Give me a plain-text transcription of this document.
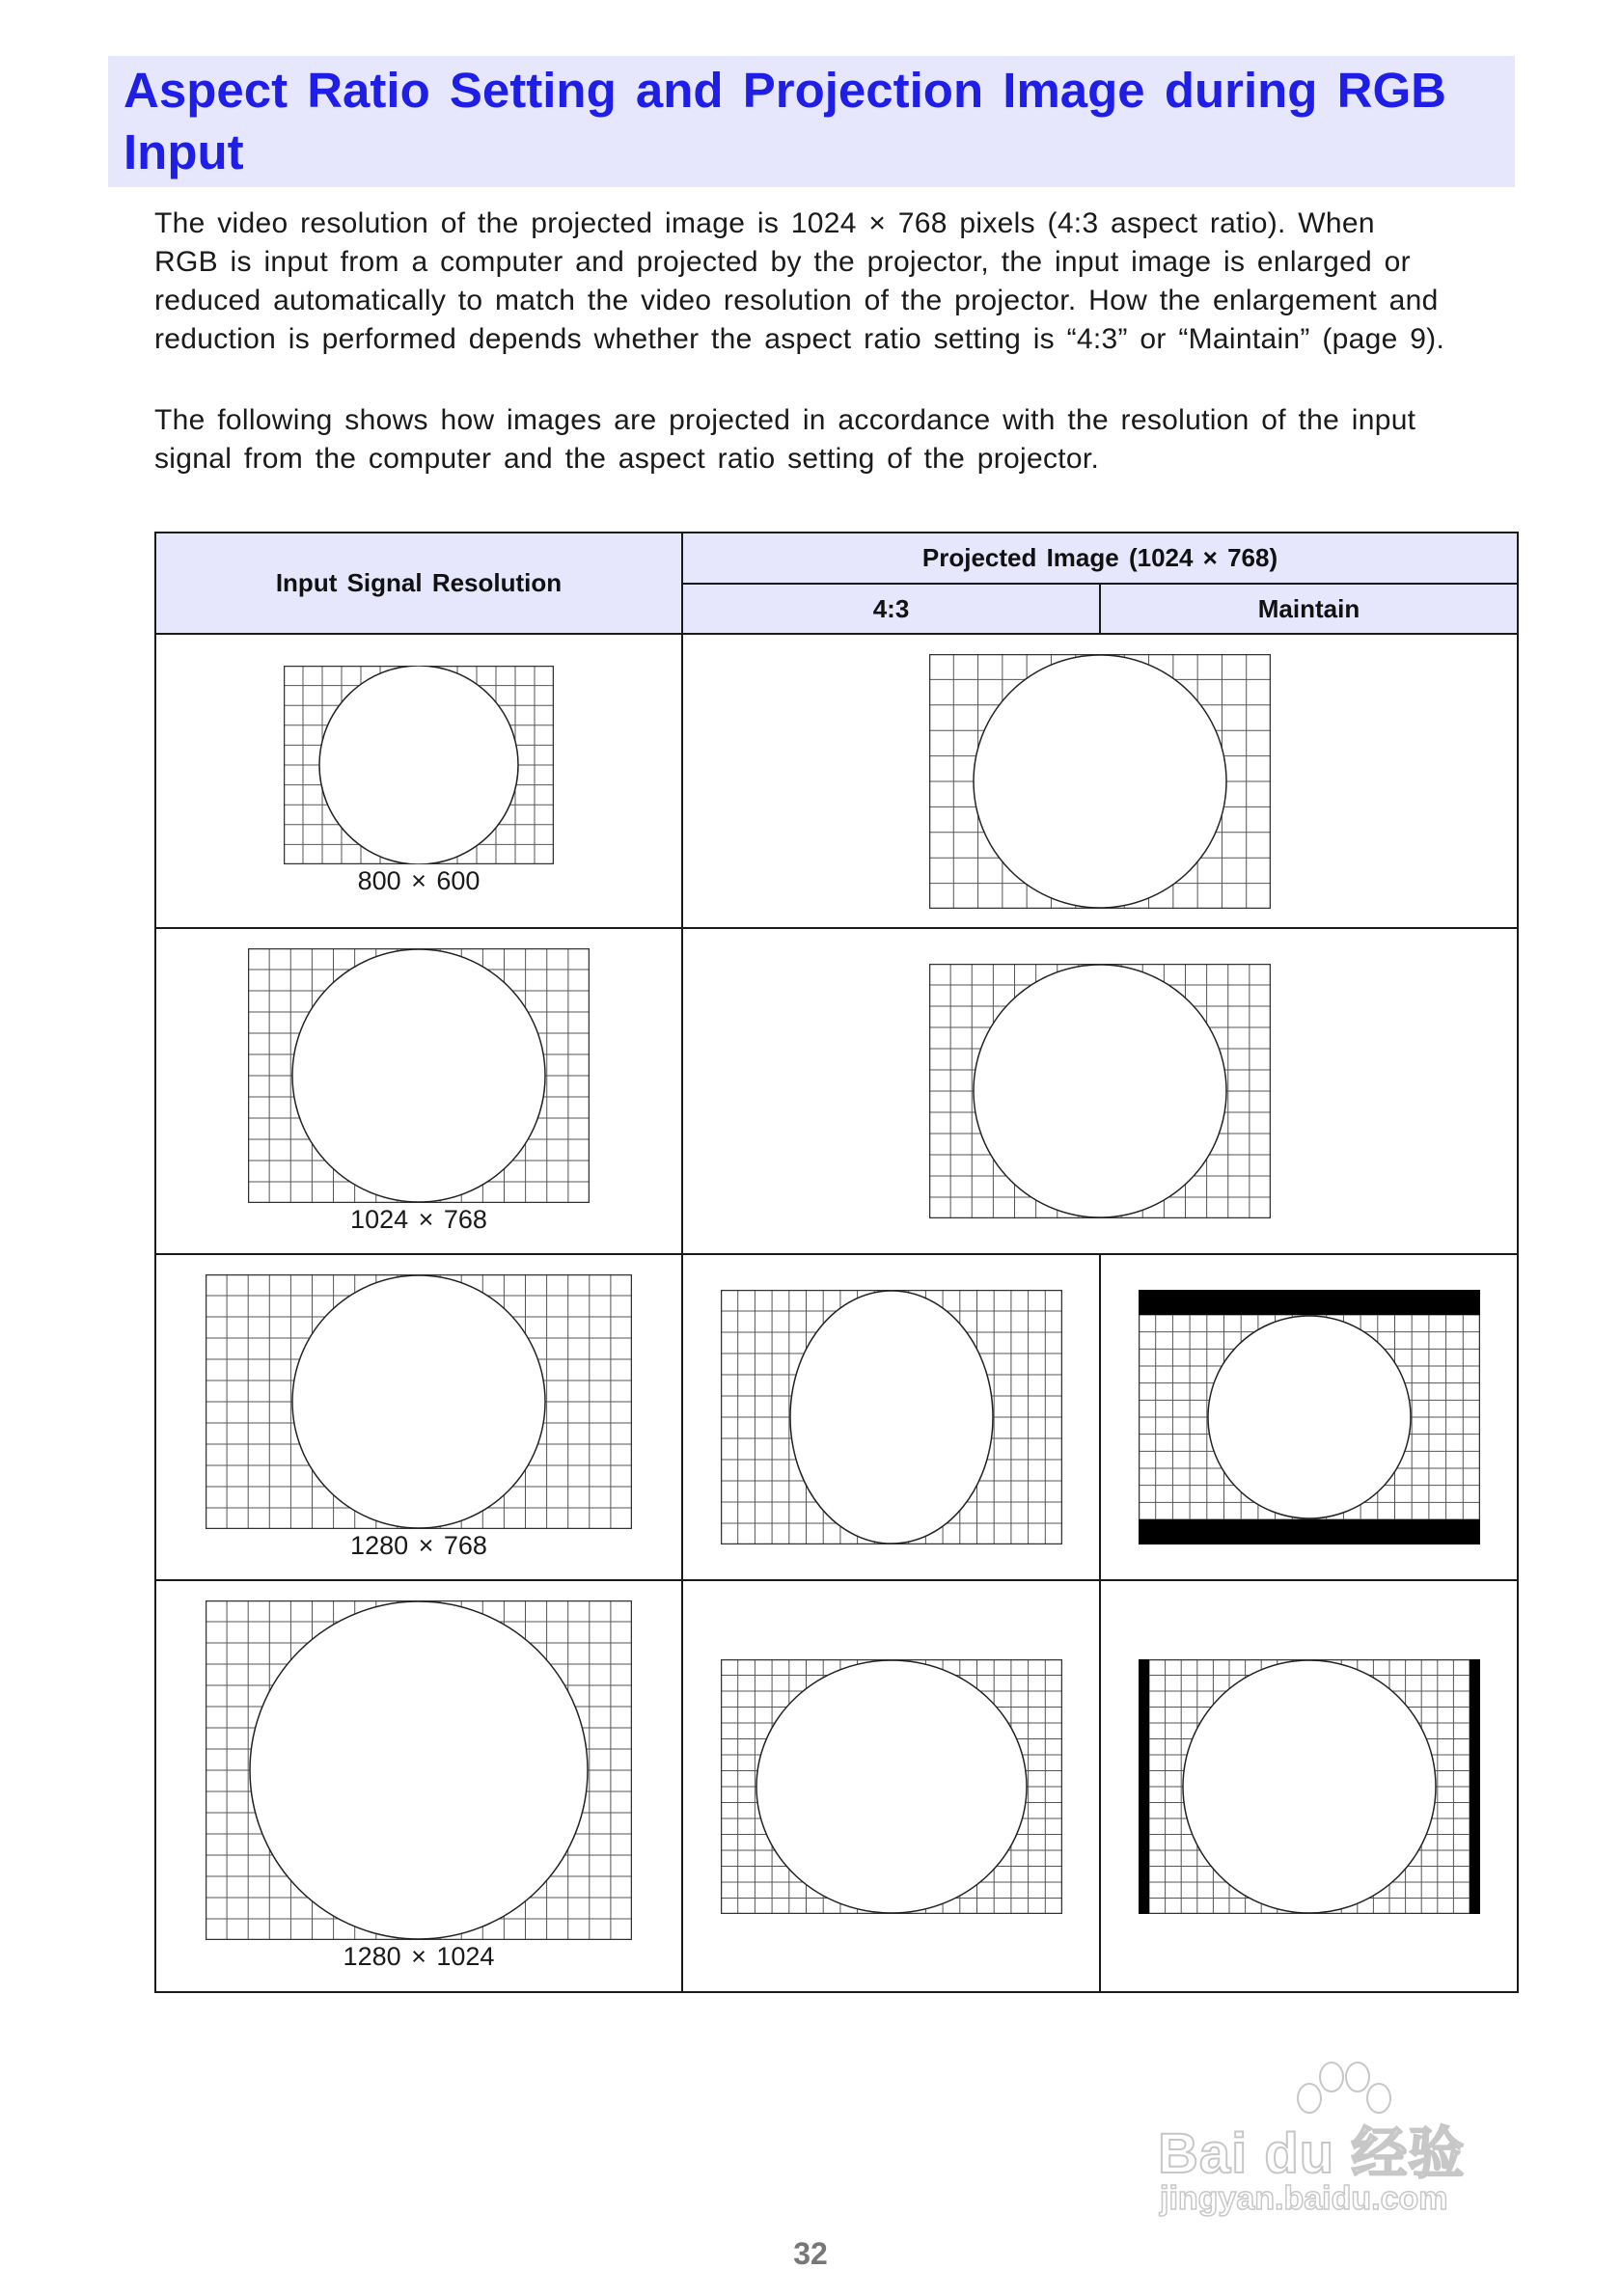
Aspect Ratio Setting and Projection Image during RGB Input

The video resolution of the projected image is 1024 × 768 pixels (4:3 aspect ratio). When RGB is input from a computer and projected by the projector, the input image is enlarged or reduced automatically to match the video resolution of the projector. How the enlargement and reduction is performed depends whether the aspect ratio setting is “4:3” or “Maintain” (page 9).

The following shows how images are projected in accordance with the resolution of the input signal from the computer and the aspect ratio setting of the projector.

Input Signal Resolution	Projected Image (1024 × 768)	
	4:3	Maintain

800 × 600

1024 × 768

1280 × 768

1280 × 1024

32
Bai du 经验
jingyan.baidu.com
